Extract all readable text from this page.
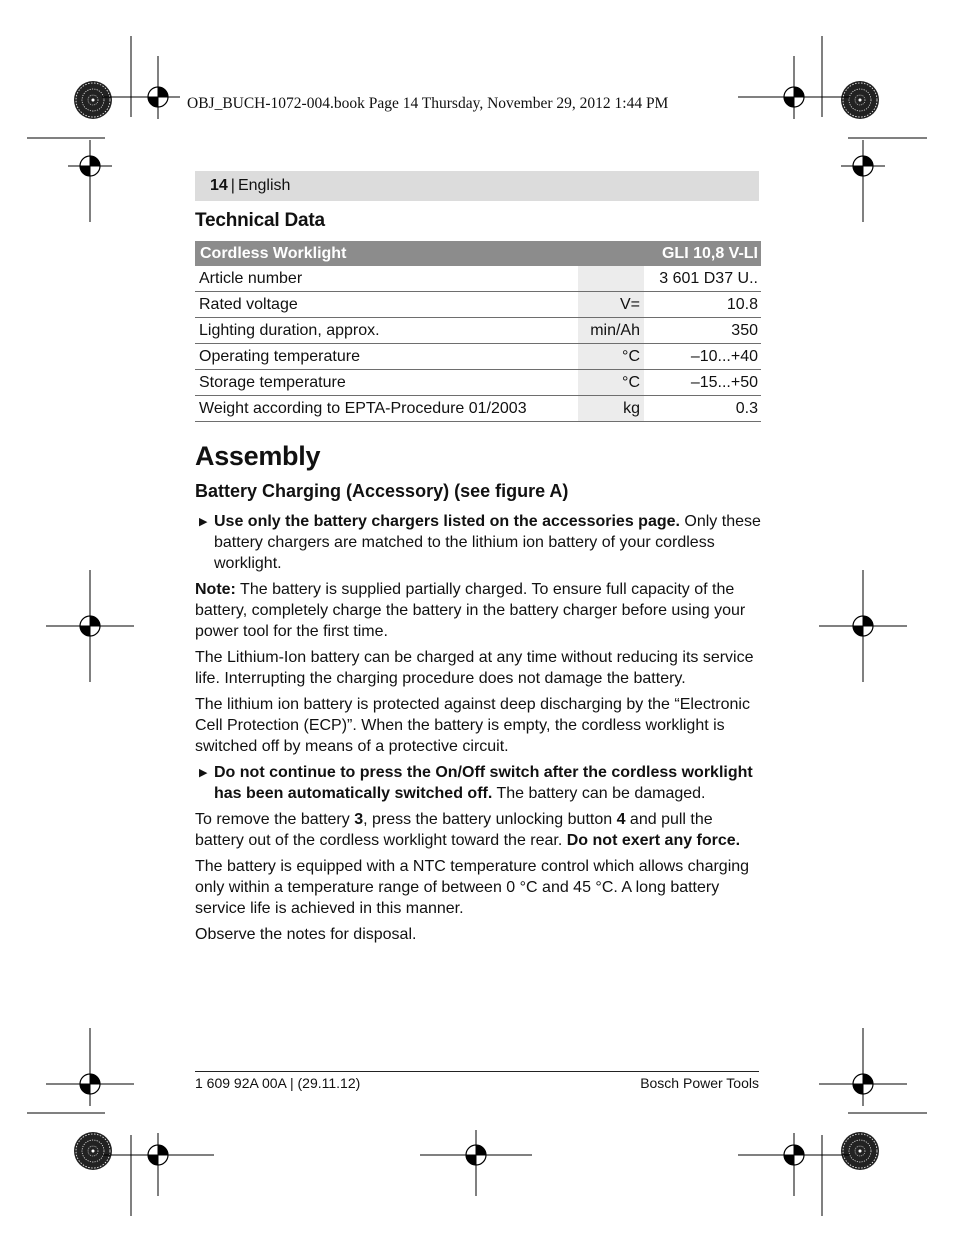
OBJ_BUCH-1072-004.book Page 14 Thursday, November 29, 2012 1:44 PM
14 | English
Technical Data
Cordless Worklight		GLI 10,8 V-LI
Article number		3 601 D37 U..
Rated voltage	V=	10.8
Lighting duration, approx.	min/Ah	350
Operating temperature	°C	–10...+40
Storage temperature	°C	–15...+50
Weight according to EPTA-Procedure 01/2003	kg	0.3
Assembly
Battery Charging (Accessory) (see figure A)
▶ Use only the battery chargers listed on the accessories page. Only these battery chargers are matched to the lithium ion battery of your cordless worklight.

Note: The battery is supplied partially charged. To ensure full capacity of the battery, completely charge the battery in the battery charger before using your power tool for the first time.

The Lithium-Ion battery can be charged at any time without reducing its service life. Interrupting the charging procedure does not damage the battery.

The lithium ion battery is protected against deep discharging by the “Electronic Cell Protection (ECP)”. When the battery is empty, the cordless worklight is switched off by means of a protective circuit.

▶ Do not continue to press the On/Off switch after the cordless worklight has been automatically switched off. The battery can be damaged.

To remove the battery 3, press the battery unlocking button 4 and pull the battery out of the cordless worklight toward the rear. Do not exert any force.

The battery is equipped with a NTC temperature control which allows charging only within a temperature range of between 0 °C and 45 °C. A long battery service life is achieved in this manner.

Observe the notes for disposal.

1 609 92A 00A | (29.11.12)	Bosch Power Tools
